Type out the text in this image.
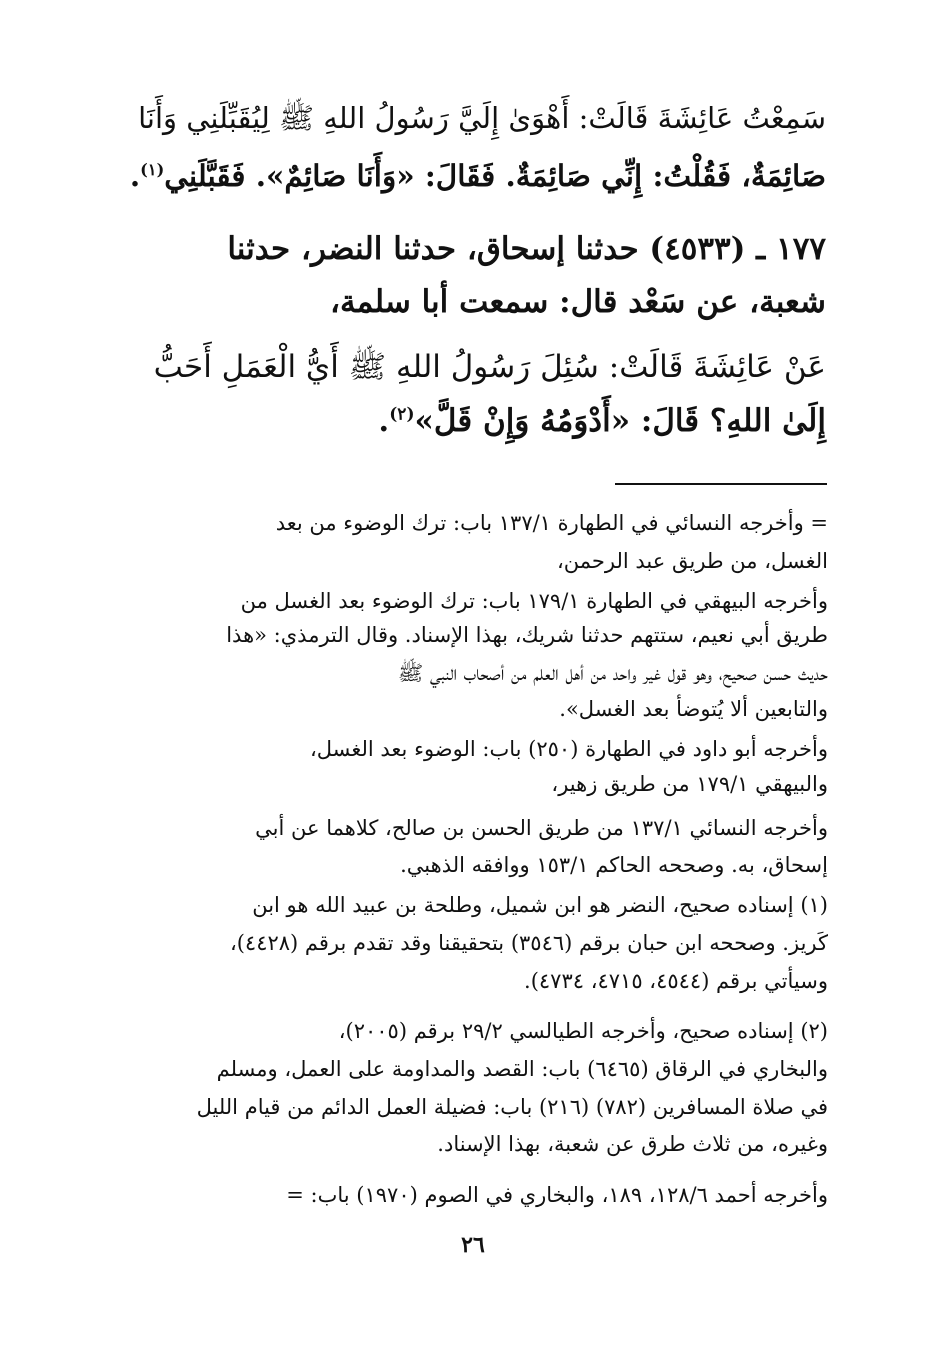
سَمِعْتُ عَائِشَةَ قَالَتْ: أَهْوَىٰ إِلَيَّ رَسُولُ اللهِ ﷺ لِيُقَبِّلَنِي وَأَنَا
صَائِمَةٌ، فَقُلْتُ: إِنِّي صَائِمَةٌ. فَقَالَ: «وَأَنَا صَائِمٌ». فَقَبَّلَنِي$^{(١)}$.
١٧٧ ـ (٤٥٣٣) حدثنا إسحاق، حدثنا النضر، حدثنا
شعبة، عن سَعْد قال: سمعت أبا سلمة،
عَنْ عَائِشَةَ قَالَتْ: سُئِلَ رَسُولُ اللهِ ﷺ أَيُّ الْعَمَلِ أَحَبُّ
إِلَىٰ اللهِ؟ قَالَ: «أَدْوَمُهُ وَإِنْ قَلَّ»$^{(٢)}$.
= وأخرجه النسائي في الطهارة ١٣٧/١ باب: ترك الوضوء من بعد
الغسل، من طريق عبد الرحمن،
وأخرجه البيهقي في الطهارة ١٧٩/١ باب: ترك الوضوء بعد الغسل من
طريق أبي نعيم، ستتهم حدثنا شريك، بهذا الإسناد. وقال الترمذي: «هذا
حديث حسن صحيح، وهو قول غير واحد من أهل العلم من أصحاب النبي ﷺ
والتابعين ألا يُتوضأ بعد الغسل».
وأخرجه أبو داود في الطهارة (٢٥٠) باب: الوضوء بعد الغسل،
والبيهقي ١٧٩/١ من طريق زهير،
وأخرجه النسائي ١٣٧/١ من طريق الحسن بن صالح، كلاهما عن أبي
إسحاق، به. وصححه الحاكم ١٥٣/١ ووافقه الذهبي.
(١) إسناده صحيح، النضر هو ابن شميل، وطلحة بن عبيد الله هو ابن
كَريز. وصححه ابن حبان برقم (٣٥٤٦) بتحقيقنا وقد تقدم برقم (٤٤٢٨)،
وسيأتي برقم (٤٥٤٤، ٤٧١٥، ٤٧٣٤).
(٢) إسناده صحيح، وأخرجه الطيالسي ٢٩/٢ برقم (٢٠٠٥)،
والبخاري في الرقاق (٦٤٦٥) باب: القصد والمداومة على العمل، ومسلم
في صلاة المسافرين (٧٨٢) (٢١٦) باب: فضيلة العمل الدائم من قيام الليل
وغيره، من ثلاث طرق عن شعبة، بهذا الإسناد.
وأخرجه أحمد ١٢٨/٦، ١٨٩، والبخاري في الصوم (١٩٧٠) باب: =
٢٦
